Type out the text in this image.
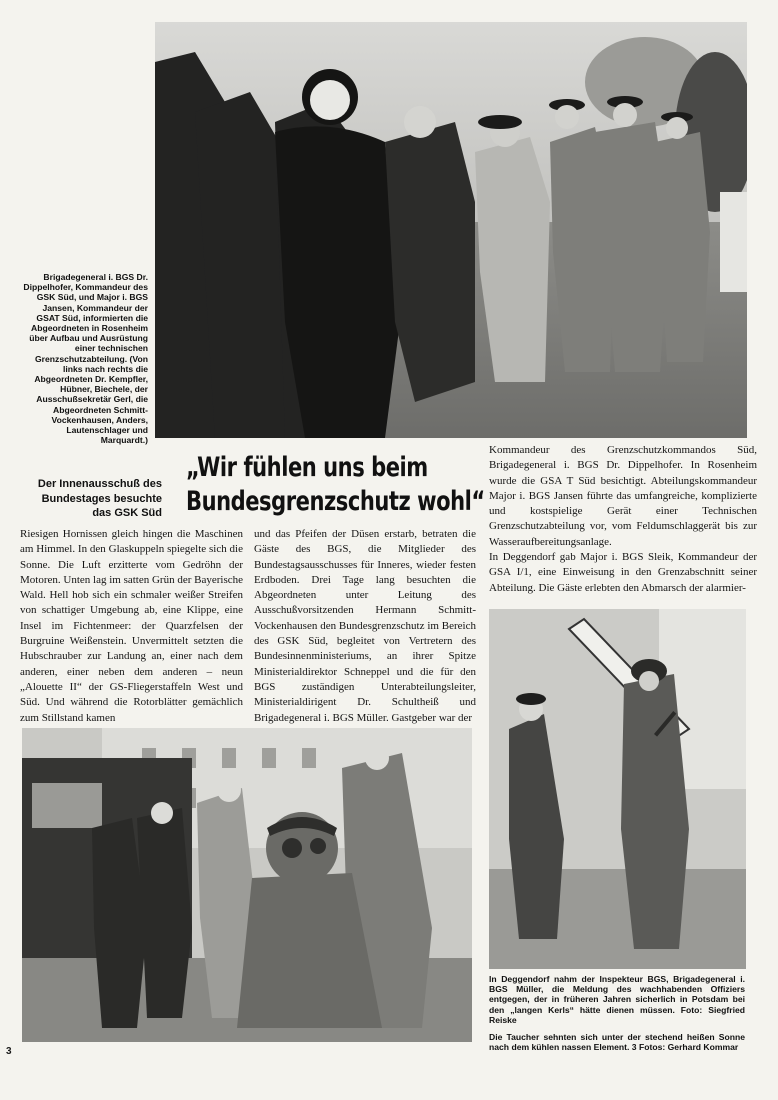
Brigadegeneral i. BGS Dr. Dippelhofer, Kommandeur des GSK Süd, und Major i. BGS Jansen, Kommandeur der GSAT Süd, informierten die Abgeordneten in Rosenheim über Aufbau und Ausrüstung einer technischen Grenzschutzabteilung. (Von links nach rechts die Abgeordneten Dr. Kempfler, Hübner, Biechele, der Ausschußsekretär Gerl, die Abgeordneten Schmitt-Vockenhausen, Anders, Lautenschlager und Marquardt.)
Der Innenausschuß des Bundestages besuchte das GSK Süd
„Wir fühlen uns beim
Bundesgrenzschutz wohl“

Riesigen Hornissen gleich hingen die Maschinen am Himmel. In den Glaskuppeln spiegelte sich die Sonne. Die Luft erzitterte vom Gedröhn der Motoren. Unten lag im satten Grün der Bayerische Wald. Hell hob sich ein schmaler weißer Streifen von schattiger Umgebung ab, eine Klippe, eine Insel im Fichtenmeer: der Quarzfelsen der Burgruine Weißenstein. Unvermittelt setzten die Hubschrauber zur Landung an, einer nach dem anderen, einer neben dem anderen – neun „Alouette II“ der GS-Fliegerstaffeln West und Süd. Und während die Rotorblätter gemächlich zum Stillstand kamen

und das Pfeifen der Düsen erstarb, betraten die Gäste des BGS, die Mitglieder des Bundestagsausschusses für Inneres, wieder festen Erdboden. Drei Tage lang besuchten die Abgeordneten unter Leitung des Ausschußvorsitzenden Hermann Schmitt-Vockenhausen den Bundesgrenzschutz im Bereich des GSK Süd, begleitet von Vertretern des Bundesinnenministeriums, an ihrer Spitze Ministerialdirektor Schneppel und die für den BGS zuständigen Unterabteilungsleiter, Ministerialdirigent Dr. Schultheiß und Brigadegeneral i. BGS Müller. Gastgeber war der

Kommandeur des Grenzschutzkommandos Süd, Brigadegeneral i. BGS Dr. Dippelhofer. In Rosenheim wurde die GSA T Süd besichtigt. Abteilungskommandeur Major i. BGS Jansen führte das umfangreiche, komplizierte und kostspielige Gerät einer Technischen Grenzschutzabteilung vor, vom Feldumschlaggerät bis zur Wasseraufbereitungsanlage.

In Deggendorf gab Major i. BGS Sleik, Kommandeur der GSA I/1, eine Einweisung in den Grenzabschnitt seiner Abteilung. Die Gäste erlebten den Abmarsch der alarmier-

In Deggendorf nahm der Inspekteur BGS, Brigadegeneral i. BGS Müller, die Meldung des wachhabenden Offiziers entgegen, der in früheren Jahren sicherlich in Potsdam bei den „langen Kerls“ hätte dienen müssen. Foto: Siegfried Reiske
Die Taucher sehnten sich unter der stechend heißen Sonne nach dem kühlen nassen Element. 3 Fotos: Gerhard Kommar
3
